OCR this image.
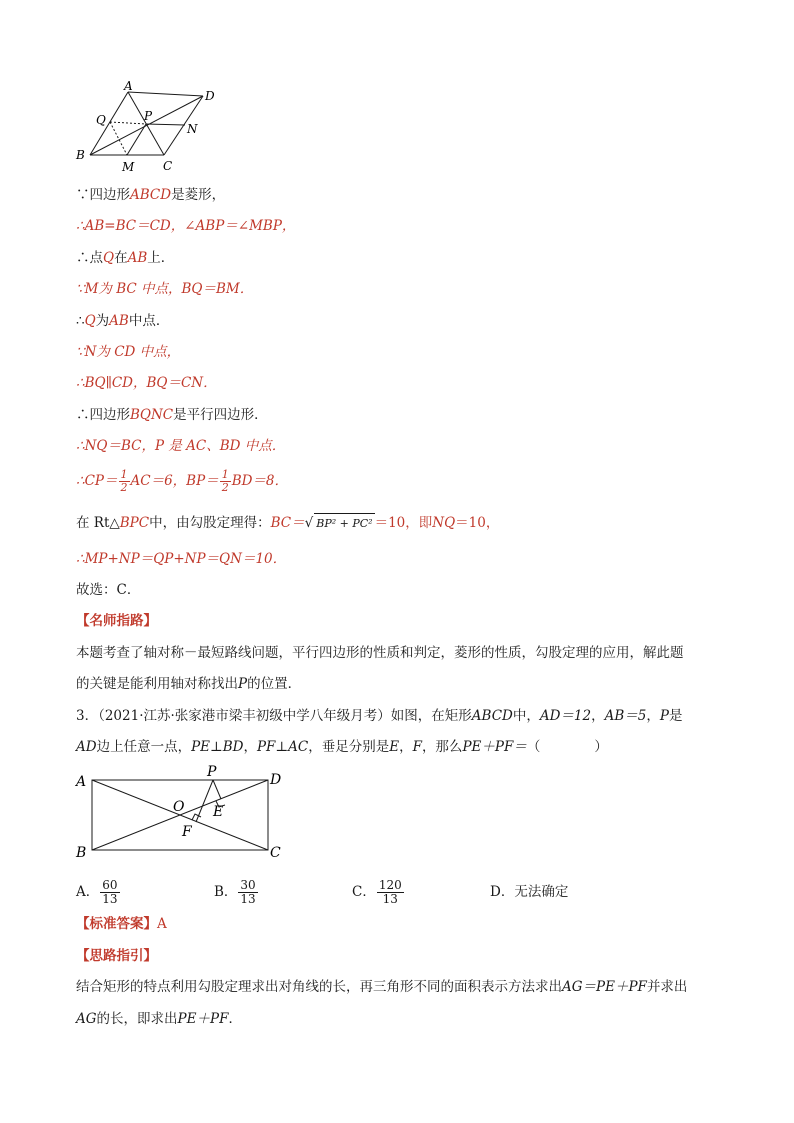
A
D
Q	P
N
B
M C
∵四边形ABCD是菱形，
∴AB=BC＝CD，∠ABP＝∠MBP，
∴点Q在AB上．
∵M为 BC 中点，BQ＝BM．
∴Q为AB中点．
∵N为 CD 中点，
∴BQ∥CD，BQ＝CN．
∴四边形BQNC是平行四边形．
∴NQ＝BC，P 是 AC、BD 中点．
∴CP＝ $\frac{1}{2} AC=6$，$BP= \frac{1}{2} BD=8$．
在 Rt△BPC中，由勾股定理得：BC＝√ BP² + PC² ＝10，即NQ＝10，
∴MP+NP＝QP+NP＝QN＝10．
故选：C．
【名师指路】
本题考查了轴对称－最短路线问题，平行四边形的性质和判定，菱形的性质，勾股定理的应用，解此题
的关键是能利用轴对称找出P的位置．
3．（2021·江苏·张家港市梁丰初级中学八年级月考）如图，在矩形ABCD中，AD＝12，AB＝5，P是
AD边上任意一点，PE⊥BD，PF⊥AC，垂足分别是E，F，那么PE＋PF＝（　　　　）
A
P	D
O E
F
B	C
A． $\frac{60}{13}$	B． $\frac{30}{13}$	C． $\frac{120}{13}$	D．无法确定
【标准答案】A
【思路指引】
结合矩形的特点利用勾股定理求出对角线的长，再三角形不同的面积表示方法求出AG＝PE＋PF并求出
AG的长，即求出PE＋PF．
